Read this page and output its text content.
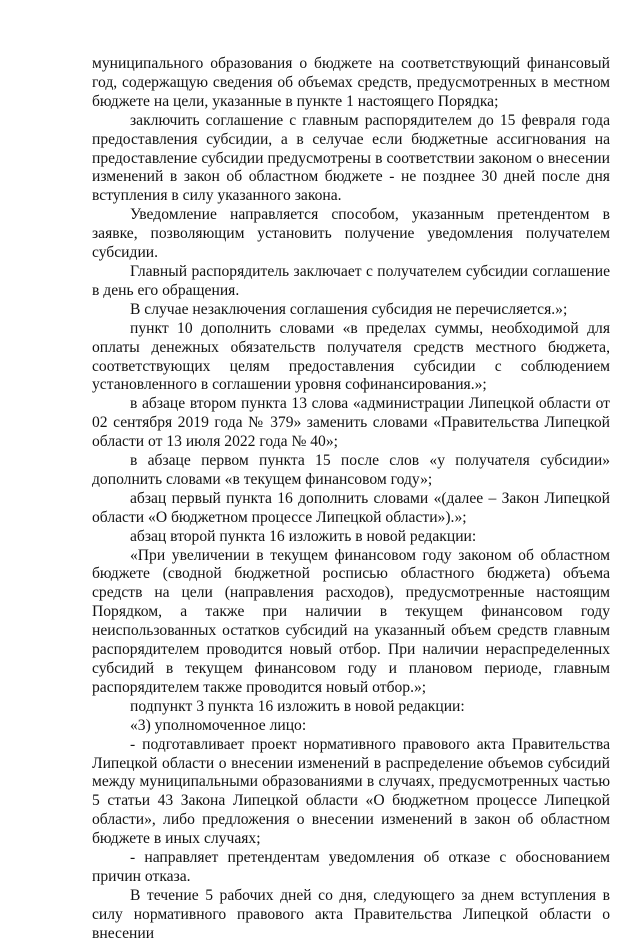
муниципального образования о бюджете на соответствующий финансовый год, содержащую сведения об объемах средств, предусмотренных в местном бюджете на цели, указанные в пункте 1 настоящего Порядка;

заключить соглашение с главным распорядителем до 15 февраля года предоставления субсидии, а в ceлучае если бюджетные ассигнования на предоставление субсидии предусмотрены в соответствии законом о внесении изменений в закон об областном бюджете - не позднее 30 дней после дня вступления в силу указанного закона.

Уведомление направляется способом, указанным претендентом в заявке, позволяющим установить получение уведомления получателем субсидии.

Главный распорядитель заключает с получателем субсидии соглашение в день его обращения.

В случае незаключения соглашения субсидия не перечисляется.»;

пункт 10 дополнить словами «в пределах суммы, необходимой для оплаты денежных обязательств получателя средств местного бюджета, соответствующих целям предоставления субсидии с соблюдением установленного в соглашении уровня софинансирования.»;

в абзаце втором пункта 13 слова «администрации Липецкой области от 02 сентября 2019 года № 379» заменить словами «Правительства Липецкой области от 13 июля 2022 года № 40»;

в абзаце первом пункта 15 после слов «у получателя субсидии» дополнить словами «в текущем финансовом году»;

абзац первый пункта 16 дополнить словами «(далее – Закон Липецкой области «О бюджетном процессе Липецкой области»).»;

абзац второй пункта 16 изложить в новой редакции:

«При увеличении в текущем финансовом году законом об областном бюджете (сводной бюджетной росписью областного бюджета) объема средств на цели (направления расходов), предусмотренные настоящим Порядком, а также при наличии в текущем финансовом году неиспользованных остатков субсидий на указанный объем средств главным распорядителем проводится новый отбор. При наличии нераспределенных субсидий в текущем финансовом году и плановом периоде, главным распорядителем также проводится новый отбор.»;

подпункт 3 пункта 16 изложить в новой редакции:

«3) уполномоченное лицо:

- подготавливает проект нормативного правового акта Правительства Липецкой области о внесении изменений в распределение объемов субсидий между муниципальными образованиями в случаях, предусмотренных частью 5 статьи 43 Закона Липецкой области «О бюджетном процессе Липецкой области», либо предложения о внесении изменений в закон об областном бюджете в иных случаях;

- направляет претендентам уведомления об отказе с обоснованием причин отказа.

В течение 5 рабочих дней со дня, следующего за днем вступления в силу нормативного правового акта Правительства Липецкой области о внесении
